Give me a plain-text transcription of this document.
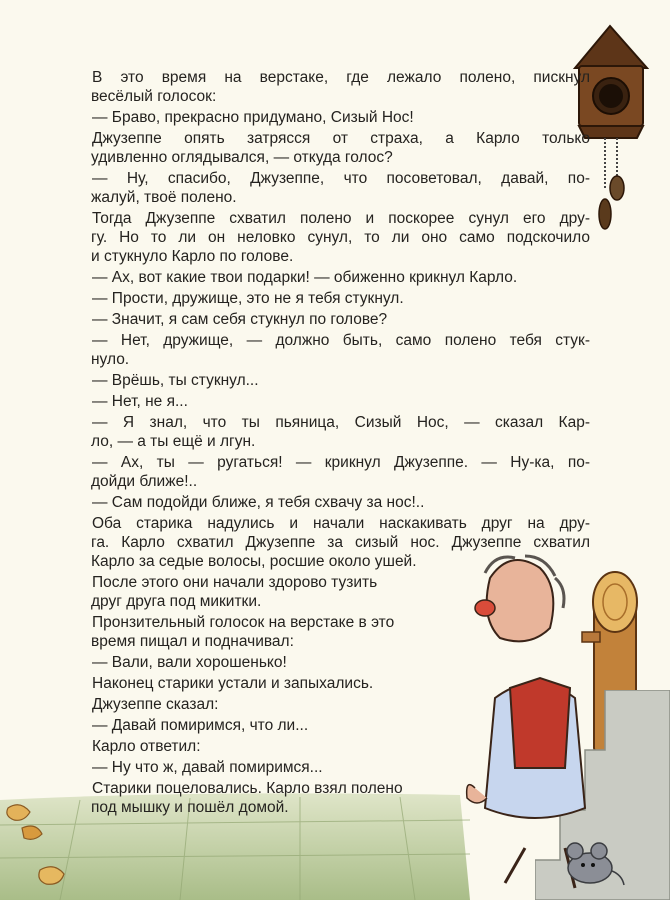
В это время на верстаке, где лежало полено, пискнул
весёлый голосок:
— Браво, прекрасно придумано, Сизый Нос!
Джузеппе опять затрясся от страха, а Карло только
удивленно оглядывался, — откуда голос?
— Ну, спасибо, Джузеппе, что посоветовал, давай, по-
жалуй, твоё полено.
Тогда Джузеппе схватил полено и поскорее сунул его дру-
гу. Но то ли он неловко сунул, то ли оно само подскочило
и стукнуло Карло по голове.
— Ах, вот какие твои подарки! — обиженно крикнул Карло.
— Прости, дружище, это не я тебя стукнул.
— Значит, я сам себя стукнул по голове?
— Нет, дружище, — должно быть, само полено тебя стук-
нуло.
— Врёшь, ты стукнул...
— Нет, не я...
— Я знал, что ты пьяница, Сизый Нос, — сказал Кар-
ло, — а ты ещё и лгун.
— Ах, ты — ругаться! — крикнул Джузеппе. — Ну-ка, по-
дойди ближе!..
— Сам подойди ближе, я тебя схвачу за нос!..
Оба старика надулись и начали наскакивать друг на дру-
га. Карло схватил Джузеппе за сизый нос. Джузеппе схватил
Карло за седые волосы, росшие около ушей.
После этого они начали здорово тузить
друг друга под микитки.
Пронзительный голосок на верстаке в это
время пищал и подначивал:
— Вали, вали хорошенько!
Наконец старики устали и запыхались.
Джузеппе сказал:
— Давай помиримся, что ли...
Карло ответил:
— Ну что ж, давай помиримся...
Старики поцеловались. Карло взял полено
под мышку и пошёл домой.
